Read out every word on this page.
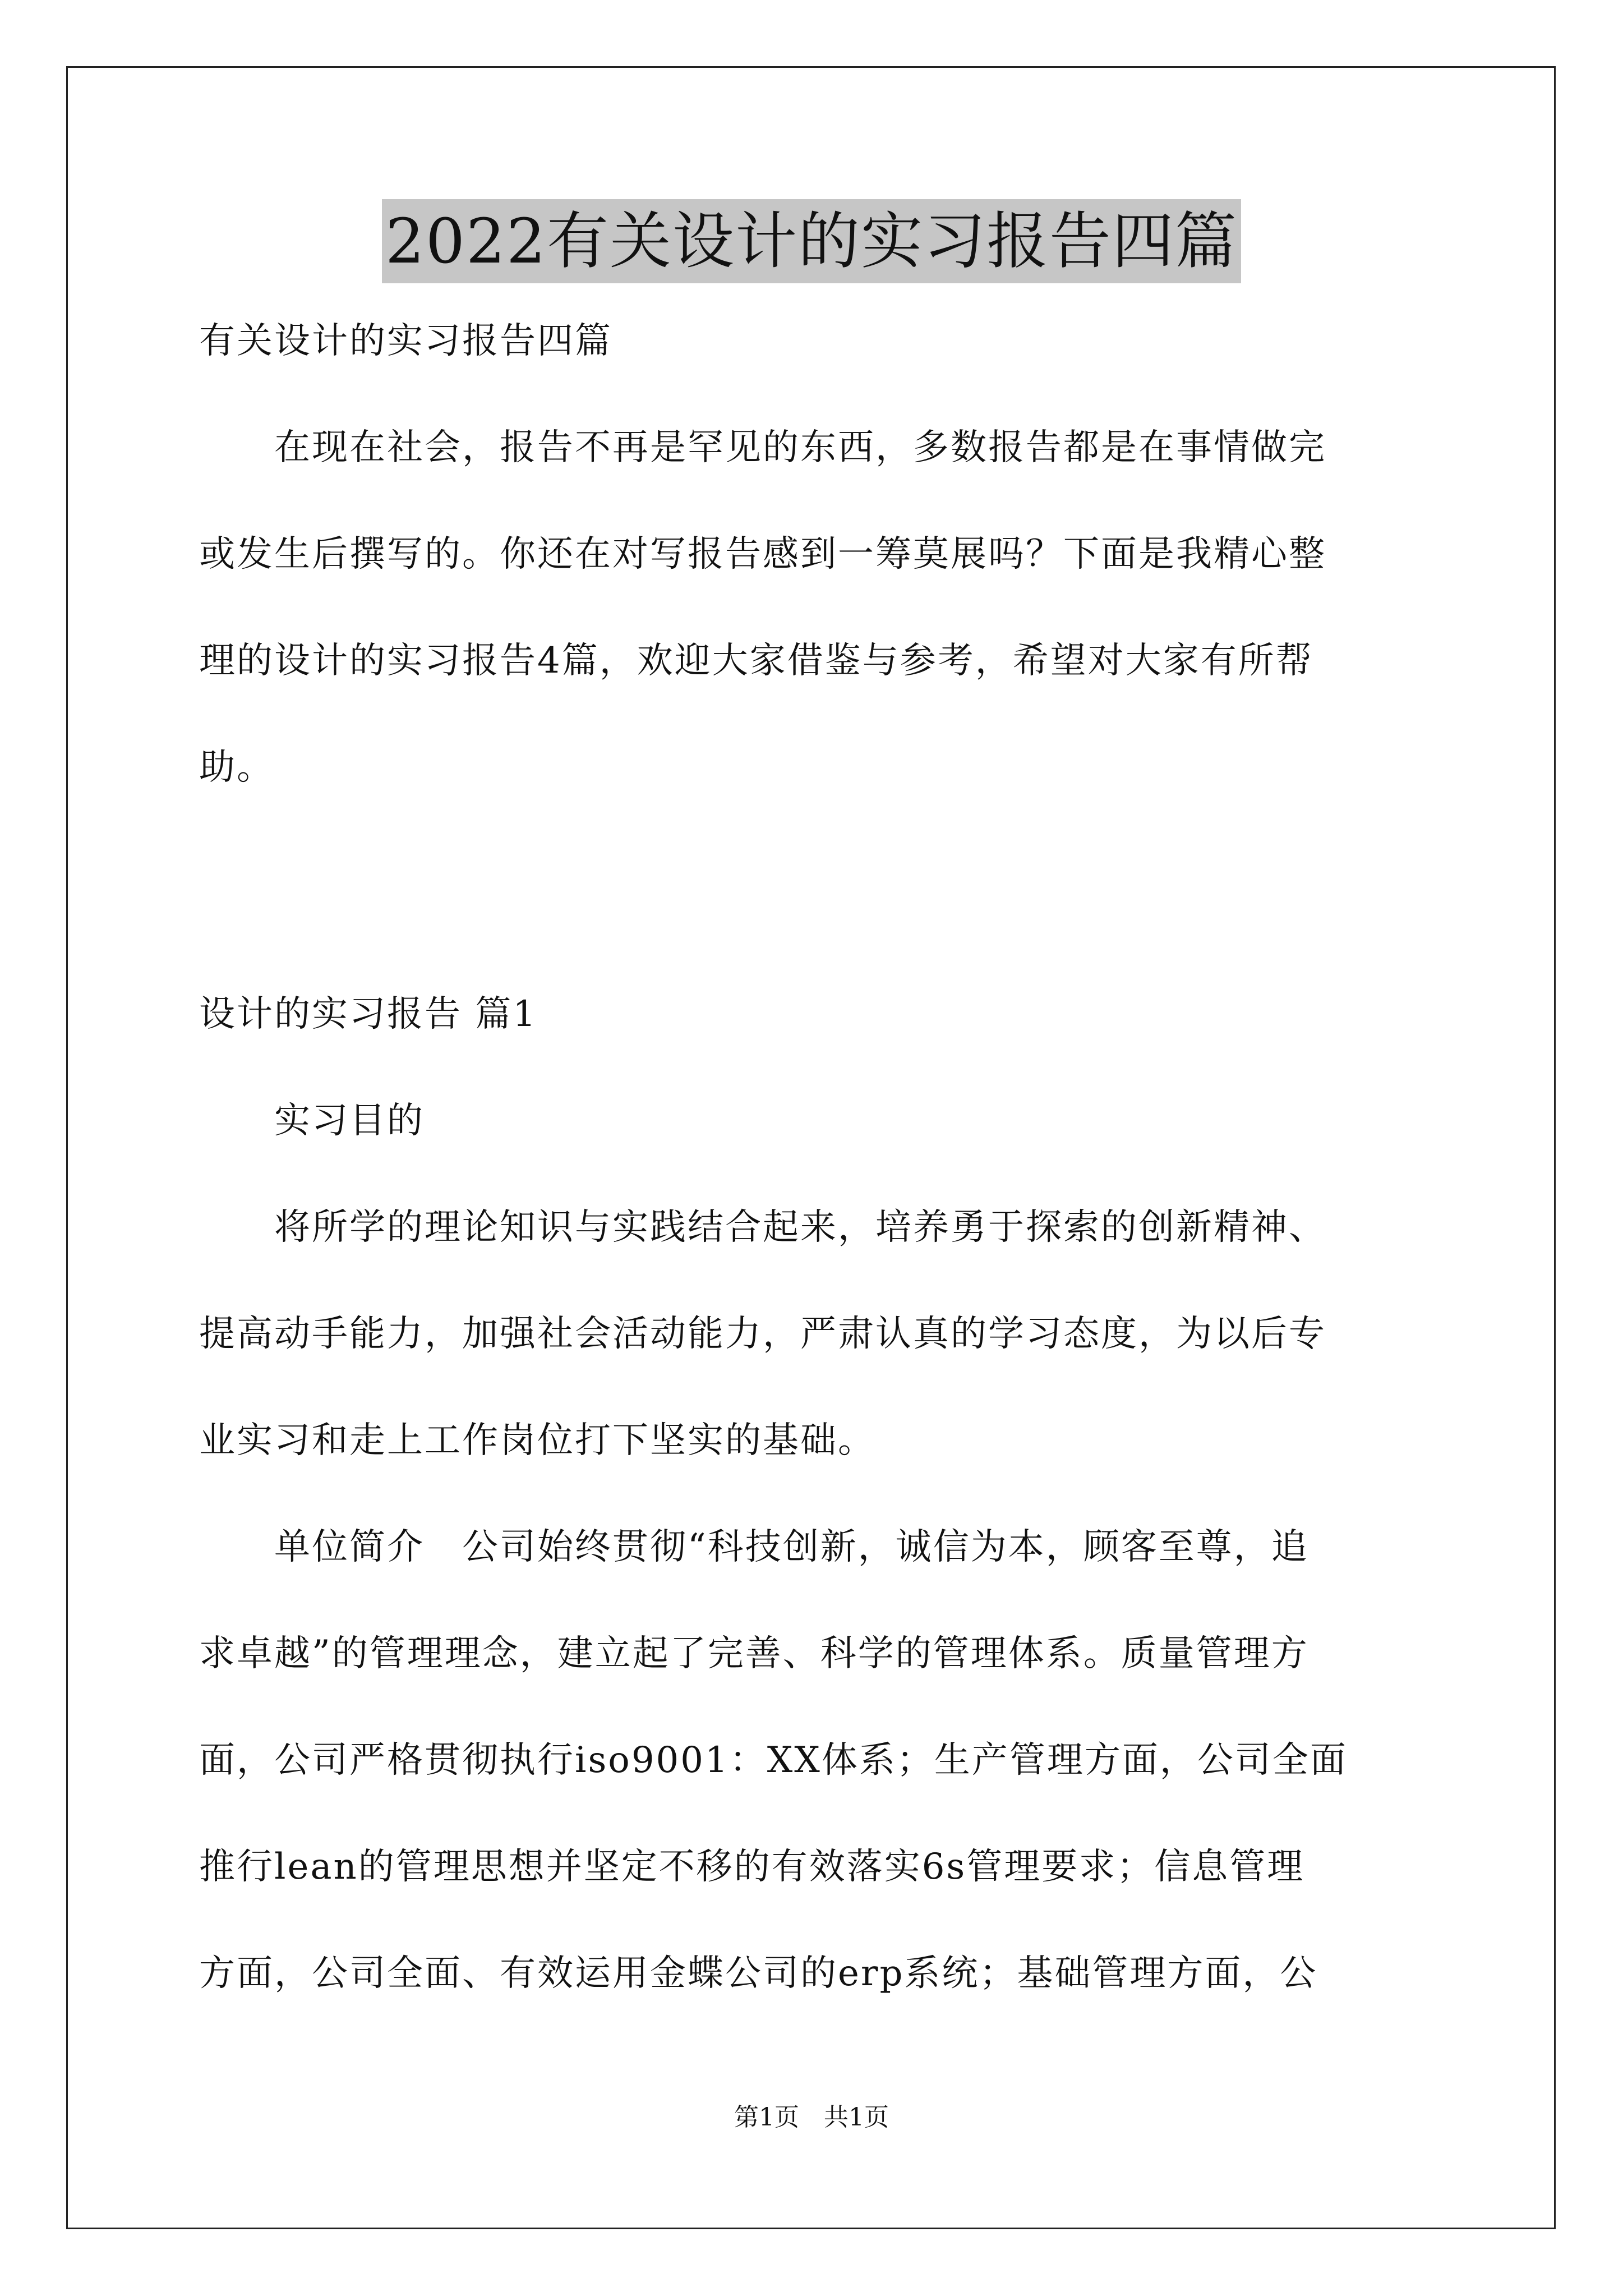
2022有关设计的实习报告四篇
有关设计的实习报告四篇
　　在现在社会，报告不再是罕见的东西，多数报告都是在事情做完
或发生后撰写的。你还在对写报告感到一筹莫展吗？下面是我精心整
理的设计的实习报告4篇，欢迎大家借鉴与参考，希望对大家有所帮
助。
设计的实习报告 篇1
　　实习目的
　　将所学的理论知识与实践结合起来，培养勇于探索的创新精神、
提高动手能力，加强社会活动能力，严肃认真的学习态度，为以后专
业实习和走上工作岗位打下坚实的基础。
　　单位简介　公司始终贯彻“科技创新，诚信为本，顾客至尊，追
求卓越”的管理理念，建立起了完善、科学的管理体系。质量管理方
面，公司严格贯彻执行iso9001：XX体系；生产管理方面，公司全面
推行lean的管理思想并坚定不移的有效落实6s管理要求；信息管理
方面，公司全面、有效运用金蝶公司的erp系统；基础管理方面，公
第1页　共1页
